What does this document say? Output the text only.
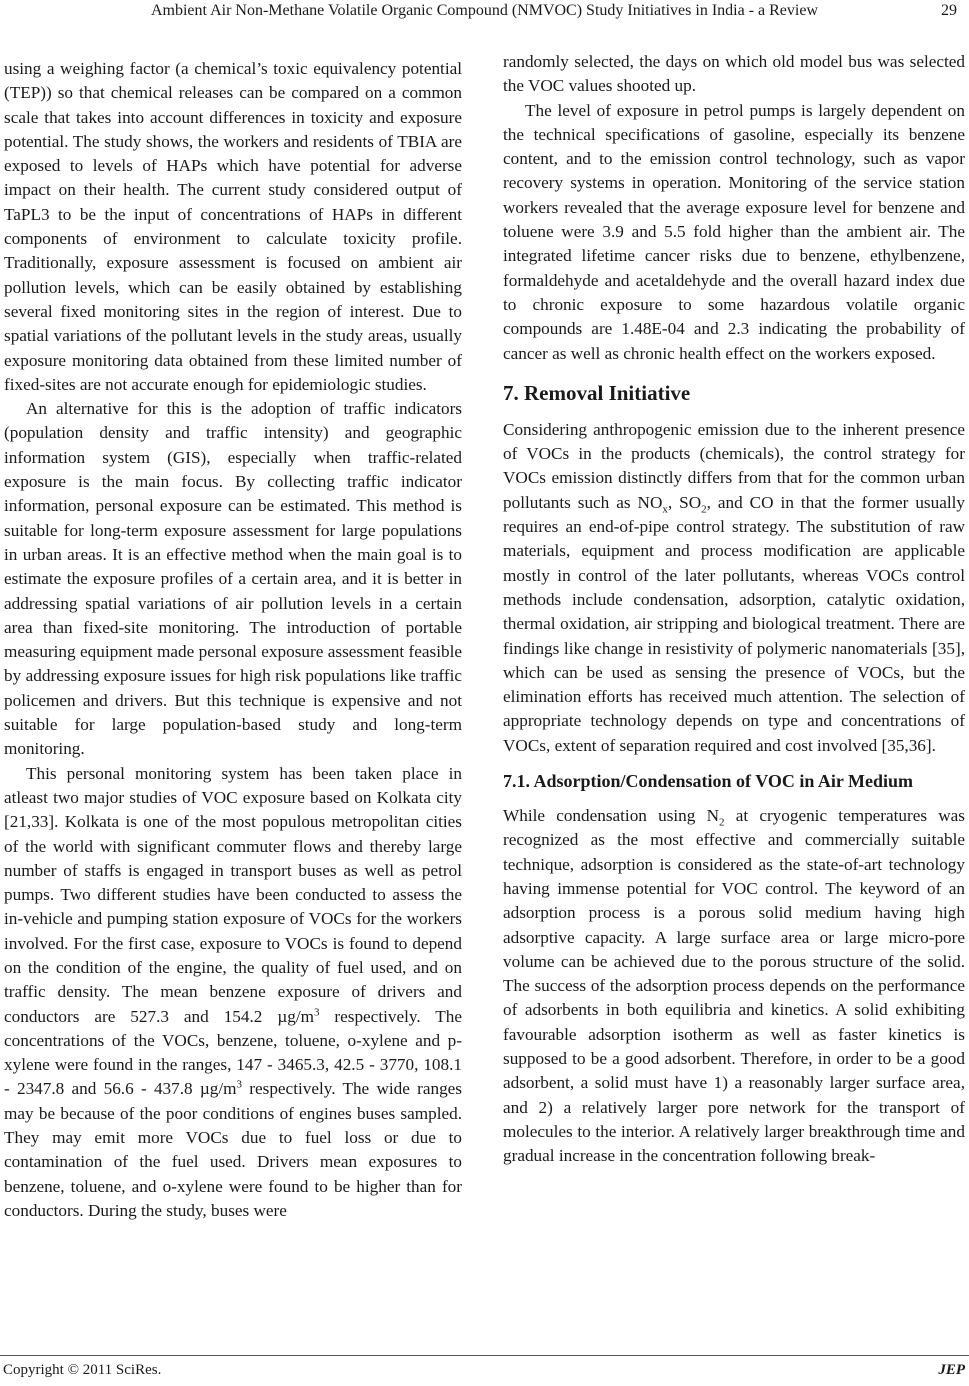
Ambient Air Non-Methane Volatile Organic Compound (NMVOC) Study Initiatives in India - a Review	29

using a weighing factor (a chemical’s toxic equivalency potential (TEP)) so that chemical releases can be compared on a common scale that takes into account differences in toxicity and exposure potential. The study shows, the workers and residents of TBIA are exposed to levels of HAPs which have potential for adverse impact on their health. The current study considered output of TaPL3 to be the input of concentrations of HAPs in different components of environment to calculate toxicity profile. Traditionally, exposure assessment is focused on ambient air pollution levels, which can be easily obtained by establishing several fixed monitoring sites in the region of interest. Due to spatial variations of the pollutant levels in the study areas, usually exposure monitoring data obtained from these limited number of fixed-sites are not accurate enough for epidemiologic studies.

An alternative for this is the adoption of traffic indicators (population density and traffic intensity) and geographic information system (GIS), especially when traffic-related exposure is the main focus. By collecting traffic indicator information, personal exposure can be estimated. This method is suitable for long-term exposure assessment for large populations in urban areas. It is an effective method when the main goal is to estimate the exposure profiles of a certain area, and it is better in addressing spatial variations of air pollution levels in a certain area than fixed-site monitoring. The introduction of portable measuring equipment made personal exposure assessment feasible by addressing exposure issues for high risk populations like traffic policemen and drivers. But this technique is expensive and not suitable for large population-based study and long-term monitoring.

This personal monitoring system has been taken place in atleast two major studies of VOC exposure based on Kolkata city [21,33]. Kolkata is one of the most populous metropolitan cities of the world with significant commuter flows and thereby large number of staffs is engaged in transport buses as well as petrol pumps. Two different studies have been conducted to assess the in-vehicle and pumping station exposure of VOCs for the workers involved. For the first case, exposure to VOCs is found to depend on the condition of the engine, the quality of fuel used, and on traffic density. The mean benzene exposure of drivers and conductors are 527.3 and 154.2 $\mu g/m^3$ respectively. The concentrations of the VOCs, benzene, toluene, o-xylene and p-xylene were found in the ranges, 147 - 3465.3, 42.5 - 3770, 108.1 - 2347.8 and 56.6 - 437.8 $\mu g/m^3$ respectively. The wide ranges may be because of the poor conditions of engines buses sampled. They may emit more VOCs due to fuel loss or due to contamination of the fuel used. Drivers mean exposures to benzene, toluene, and o-xylene were found to be higher than for conductors. During the study, buses were

randomly selected, the days on which old model bus was selected the VOC values shooted up.

The level of exposure in petrol pumps is largely dependent on the technical specifications of gasoline, especially its benzene content, and to the emission control technology, such as vapor recovery systems in operation. Monitoring of the service station workers revealed that the average exposure level for benzene and toluene were 3.9 and 5.5 fold higher than the ambient air. The integrated lifetime cancer risks due to benzene, ethylbenzene, formaldehyde and acetaldehyde and the overall hazard index due to chronic exposure to some hazardous volatile organic compounds are 1.48E-04 and 2.3 indicating the probability of cancer as well as chronic health effect on the workers exposed.

7. Removal Initiative

Considering anthropogenic emission due to the inherent presence of VOCs in the products (chemicals), the control strategy for VOCs emission distinctly differs from that for the common urban pollutants such as $NO_x$, $SO_2$, and CO in that the former usually requires an end-of-pipe control strategy. The substitution of raw materials, equipment and process modification are applicable mostly in control of the later pollutants, whereas VOCs control methods include condensation, adsorption, catalytic oxidation, thermal oxidation, air stripping and biological treatment. There are findings like change in resistivity of polymeric nanomaterials [35], which can be used as sensing the presence of VOCs, but the elimination efforts has received much attention. The selection of appropriate technology depends on type and concentrations of VOCs, extent of separation required and cost involved [35,36].

7.1. Adsorption/Condensation of VOC in Air Medium

While condensation using $N_2$ at cryogenic temperatures was recognized as the most effective and commercially suitable technique, adsorption is considered as the state-of-art technology having immense potential for VOC control. The keyword of an adsorption process is a porous solid medium having high adsorptive capacity. A large surface area or large micro-pore volume can be achieved due to the porous structure of the solid. The success of the adsorption process depends on the performance of adsorbents in both equilibria and kinetics. A solid exhibiting favourable adsorption isotherm as well as faster kinetics is supposed to be a good adsorbent. Therefore, in order to be a good adsorbent, a solid must have 1) a reasonably larger surface area, and 2) a relatively larger pore network for the transport of molecules to the interior. A relatively larger breakthrough time and gradual increase in the concentration following break-

Copyright © 2011 SciRes.	JEP
